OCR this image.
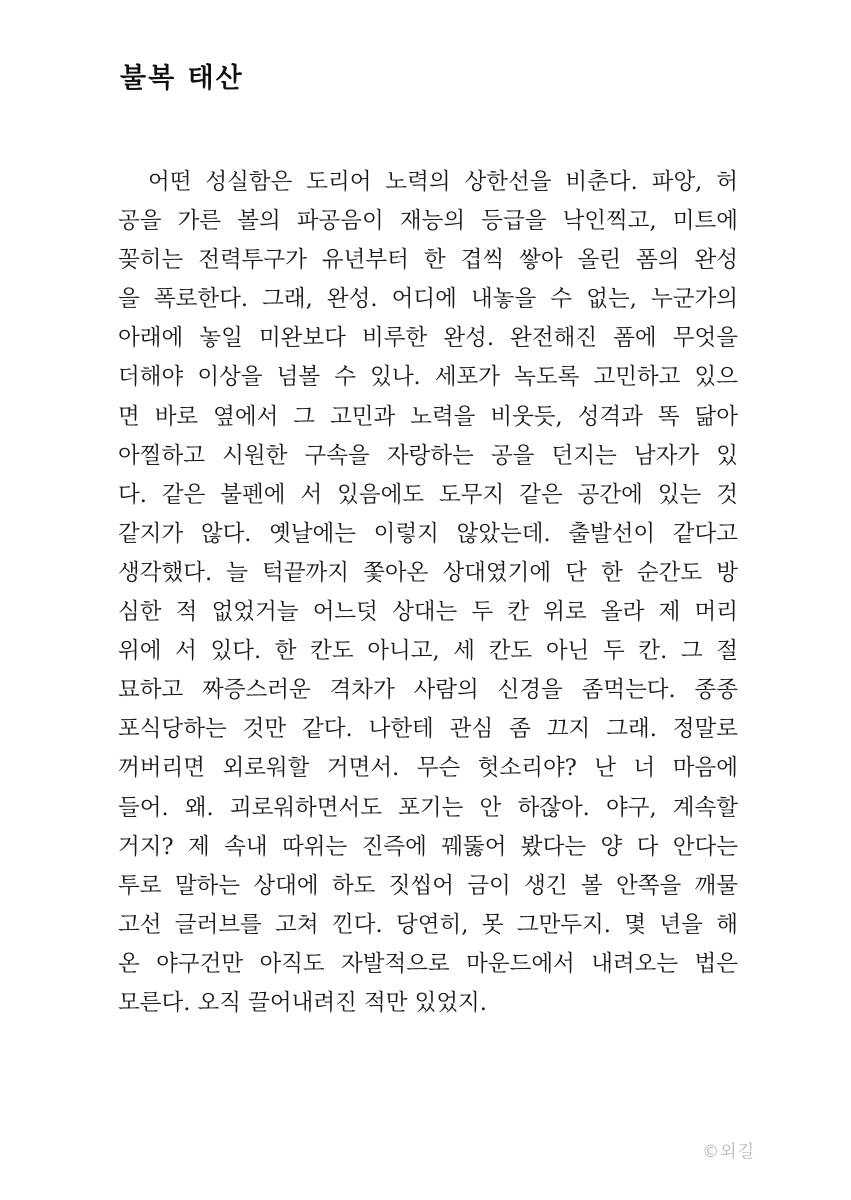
불복 태산
어떤 성실함은 도리어 노력의 상한선을 비춘다. 파앙, 허
공을 가른 볼의 파공음이 재능의 등급을 낙인찍고, 미트에
꽂히는 전력투구가 유년부터 한 겹씩 쌓아 올린 폼의 완성
을 폭로한다. 그래, 완성. 어디에 내놓을 수 없는, 누군가의
아래에 놓일 미완보다 비루한 완성. 완전해진 폼에 무엇을
더해야 이상을 넘볼 수 있나. 세포가 녹도록 고민하고 있으
면 바로 옆에서 그 고민과 노력을 비웃듯, 성격과 똑 닮아
아찔하고 시원한 구속을 자랑하는 공을 던지는 남자가 있
다. 같은 불펜에 서 있음에도 도무지 같은 공간에 있는 것
같지가 않다. 옛날에는 이렇지 않았는데. 출발선이 같다고
생각했다. 늘 턱끝까지 쫓아온 상대였기에 단 한 순간도 방
심한 적 없었거늘 어느덧 상대는 두 칸 위로 올라 제 머리
위에 서 있다. 한 칸도 아니고, 세 칸도 아닌 두 칸. 그 절
묘하고 짜증스러운 격차가 사람의 신경을 좀먹는다. 종종
포식당하는 것만 같다. 나한테 관심 좀 끄지 그래. 정말로
꺼버리면 외로워할 거면서. 무슨 헛소리야? 난 너 마음에
들어. 왜. 괴로워하면서도 포기는 안 하잖아. 야구, 계속할
거지? 제 속내 따위는 진즉에 꿰뚫어 봤다는 양 다 안다는
투로 말하는 상대에 하도 짓씹어 금이 생긴 볼 안쪽을 깨물
고선 글러브를 고쳐 낀다. 당연히, 못 그만두지. 몇 년을 해
온 야구건만 아직도 자발적으로 마운드에서 내려오는 법은
모른다. 오직 끌어내려진 적만 있었지.
©외길
